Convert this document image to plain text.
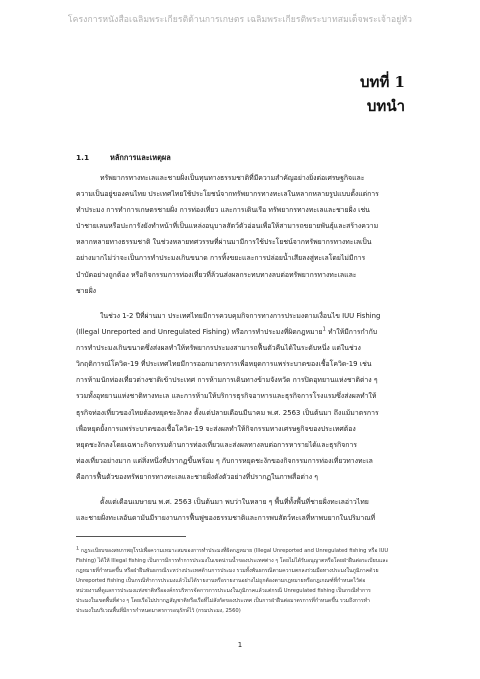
โครงการหนังสือเฉลิมพระเกียรติด้านการเกษตร เฉลิมพระเกียรติพระบาทสมเด็จพระเจ้าอยู่หัว
บทที่ 1
บทนำ
1.1	หลักการและเหตุผล
ทรัพยากรทางทะเลและชายฝั่งเป็นทุนทางธรรมชาติที่มีความสำคัญอย่างยิ่งต่อเศรษฐกิจและ
ความเป็นอยู่ของคนไทย ประเทศไทยใช้ประโยชน์จากทรัพยากรทางทะเลในหลากหลายรูปแบบตั้งแต่การ
ทำประมง การทำการเกษตรชายฝั่ง การท่องเที่ยว และการเดินเรือ ทรัพยากรทางทะเลและชายฝั่ง เช่น
ป่าชายเลนหรือปะการังยังทำหน้าที่เป็นแหล่งอนุบาลสัตว์ตัวอ่อนเพื่อให้สามารถขยายพันธุ์และสร้างความ
หลากหลายทางธรรมชาติ ในช่วงหลายทศวรรษที่ผ่านมามีการใช้ประโยชน์จากทรัพยากรทางทะเลเป็น
อย่างมากไม่ว่าจะเป็นการทำประมงเกินขนาด การทิ้งขยะและการปล่อยน้ำเสียลงสู่ทะเลโดยไม่มีการ
บำบัดอย่างถูกต้อง หรือกิจกรรมการท่องเที่ยวที่ล้วนส่งผลกระทบทางลบต่อทรัพยากรทางทะเลและ
ชายฝั่ง
ในช่วง 1-2 ปีที่ผ่านมา ประเทศไทยมีการควบคุมกิจการทางการประมงตามเงื่อนไข IUU Fishing
(Illegal Unreported and Unregulated Fishing) หรือการทำประมงที่ผิดกฎหมาย$^1$ ทำให้มีการกำกับ
การทำประมงเกินขนาดซึ่งส่งผลทำให้ทรัพยากรประมงสามารถฟื้นตัวคืนได้ในระดับหนึ่ง แต่ในช่วง
วิกฤติการณ์โควิด-19 ที่ประเทศไทยมีการออกมาตรการเพื่อหยุดการแพร่ระบาดของเชื้อโควิด-19 เช่น
การห้ามนักท่องเที่ยวต่างชาติเข้าประเทศ การห้ามการเดินทางข้ามจังหวัด การปิดอุทยานแห่งชาติต่าง ๆ
รวมทั้งอุทยานแห่งชาติทางทะเล และการห้ามให้บริการธุรกิจอาหารและธุรกิจการโรงแรมซึ่งส่งผลทำให้
ธุรกิจท่องเที่ยวของไทยต้องหยุดชะงักลง ตั้งแต่ปลายเดือนมีนาคม พ.ศ. 2563 เป็นต้นมา ถึงแม้มาตรการ
เพื่อหยุดยั้งการแพร่ระบาดของเชื้อโควิด-19 จะส่งผลทำให้กิจกรรมทางเศรษฐกิจของประเทศต้อง
หยุดชะงักลงโดยเฉพาะกิจกรรมด้านการท่องเที่ยวและส่งผลทางลบต่อการหารายได้และธุรกิจการ
ท่องเที่ยวอย่างมาก แต่สิ่งหนึ่งที่ปรากฏขึ้นพร้อม ๆ กับการหยุดชะงักของกิจกรรมการท่องเที่ยวทางทะเล
คือการฟื้นตัวของทรัพยากรทางทะเลและชายฝั่งดังตัวอย่างที่ปรากฏในภาพสื่อต่าง ๆ
ตั้งแต่เดือนเมษายน พ.ศ. 2563 เป็นต้นมา พบว่าในหลาย ๆ พื้นที่ทั้งพื้นที่ชายฝั่งทะเลอ่าวไทย
และชายฝั่งทะเลอันดามันมีรายงานการฟื้นฟูของธรรมชาติและการพบสัตว์ทะเลที่หาพบยากในปริมาณที่
$^1$ กฎระเบียบของสหภาพยุโรปเพื่อความเหมาะสมของการทำประมงที่ผิดกฎหมาย (Illegal Unreported and Unregulated fishing หรือ IUU
Fishing) ได้ให้ Illegal fishing เป็นการมีการทำการประมงในเขตน่านน้ำของประเทศต่าง ๆ โดยไม่ได้รับอนุญาตหรือโดยฝ่าฝืนต่อระเบียบและ
กฎหมายที่กำหนดขึ้น หรือฝ่าฝืนพันธกรณีระหว่างประเทศด้านการประมง รวมทั้งพันธกรณีตามความตกลงร่วมมือทางประมงในภูมิภาคด้วย
Unreported fishing เป็นกรณีทำการประมงแล้วไม่ได้รายงานหรือรายงานอย่างไม่ถูกต้องตามกฎหมายหรือกฎเกณฑ์ที่กำหนดไว้ต่อ
หน่วยงานที่ดูแลการประมงแห่งชาติหรือองค์กรบริหารจัดการการประมงในภูมิภาคแล้วแต่กรณี Unregulated fishing เป็นกรณีทำการ
ประมงในเขตพื้นที่ต่าง ๆ โดยเรือไม่ปรากฏสัญชาติหรือเรือที่ไม่สังกัดของประเทศ เป็นการฝ่าฝืนต่อมาตรการที่กำหนดขึ้น รวมถึงการทำ
ประมงในบริเวณพื้นที่มีการกำหนดมาตรการอนุรักษ์ไว้ (กรมประมง, 2560)
1
